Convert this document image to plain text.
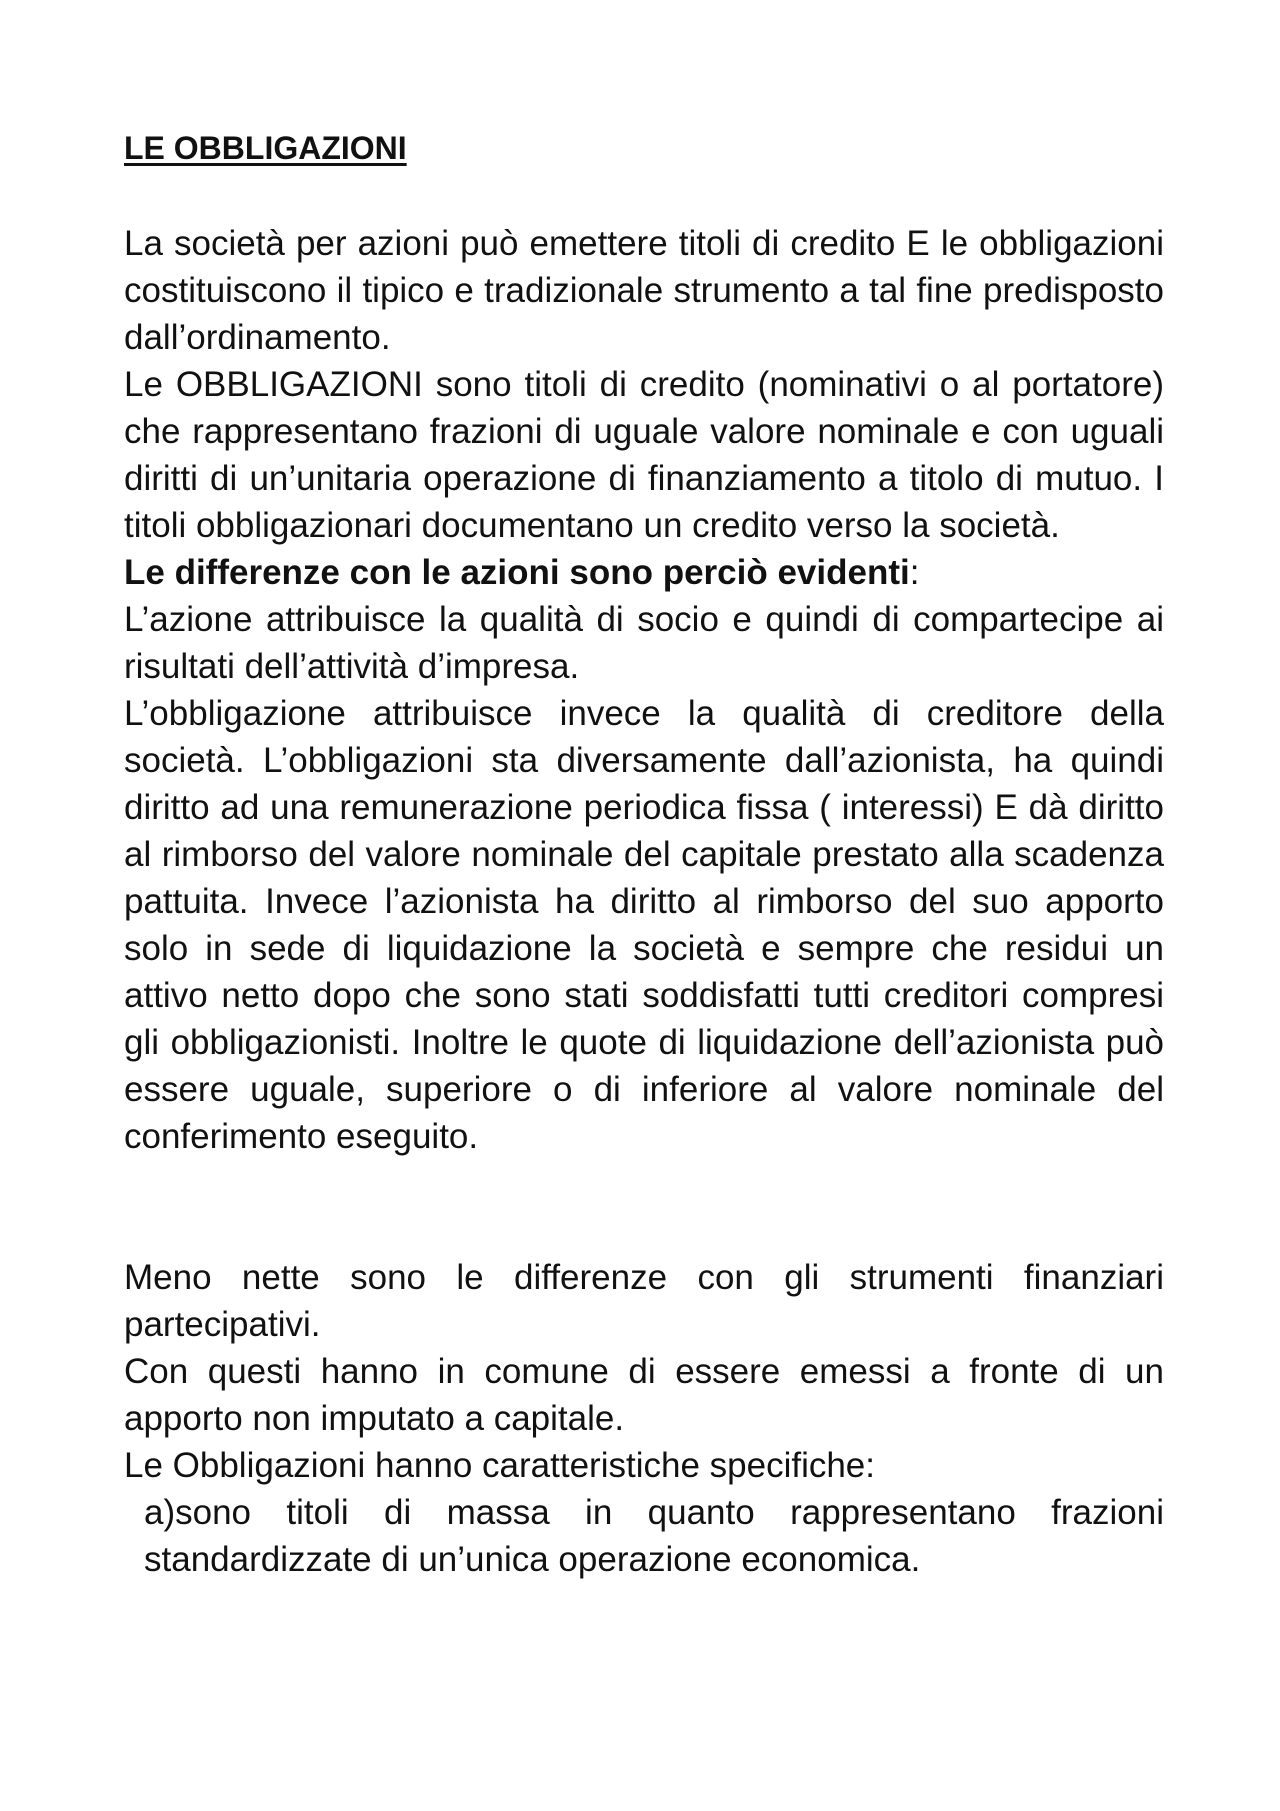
LE OBBLIGAZIONI

La società per azioni può emettere titoli di credito E le obbligazioni costituiscono il tipico e tradizionale strumento a tal fine predisposto dall’ordinamento.

Le OBBLIGAZIONI sono titoli di credito (nominativi o al portatore) che rappresentano frazioni di uguale valore nominale e con uguali diritti di un’unitaria operazione di finanziamento a titolo di mutuo. I titoli obbligazionari documentano un credito verso la società.

Le differenze con le azioni sono perciò evidenti:

L’azione attribuisce la qualità di socio e quindi di compartecipe ai risultati dell’attività d’impresa.

L’obbligazione attribuisce invece la qualità di creditore della società. L’obbligazioni sta diversamente dall’azionista, ha quindi diritto ad una remunerazione periodica fissa ( interessi) E dà diritto al rimborso del valore nominale del capitale prestato alla scadenza pattuita. Invece l’azionista ha diritto al rimborso del suo apporto solo in sede di liquidazione la società e sempre che residui un attivo netto dopo che sono stati soddisfatti tutti creditori compresi gli obbligazionisti. Inoltre le quote di liquidazione dell’azionista può essere uguale, superiore o di inferiore al valore nominale del conferimento eseguito.

Meno nette sono le differenze con gli strumenti finanziari partecipativi.

Con questi hanno in comune di essere emessi a fronte di un apporto non imputato a capitale.

Le Obbligazioni hanno caratteristiche specifiche:

a)sono titoli di massa in quanto rappresentano frazioni standardizzate di un’unica operazione economica.
